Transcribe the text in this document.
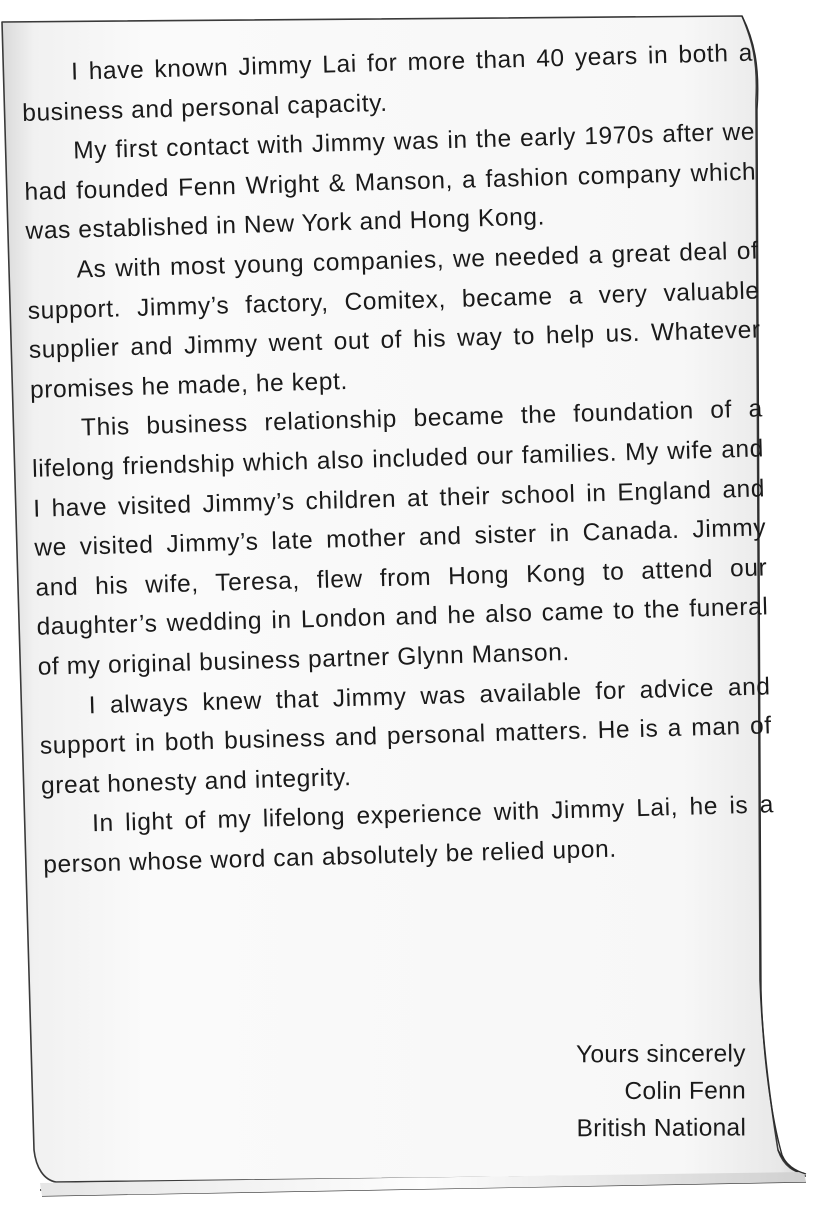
I have known Jimmy Lai for more than 40 years in both a business and personal capacity.

My first contact with Jimmy was in the early 1970s after we had founded Fenn Wright & Manson, a fashion company which was established in New York and Hong Kong.

As with most young companies, we needed a great deal of support. Jimmy’s factory, Comitex, became a very valuable supplier and Jimmy went out of his way to help us. Whatever promises he made, he kept.

This business relationship became the foundation of a lifelong friendship which also included our families. My wife and I have visited Jimmy’s children at their school in England and we visited Jimmy’s late mother and sister in Canada. Jimmy and his wife, Teresa, flew from Hong Kong to attend our daughter’s wedding in London and he also came to the funeral of my original business partner Glynn Manson.

I always knew that Jimmy was available for advice and support in both business and personal matters. He is a man of great honesty and integrity.

In light of my lifelong experience with Jimmy Lai, he is a person whose word can absolutely be relied upon.

Yours sincerely
Colin Fenn
British National
